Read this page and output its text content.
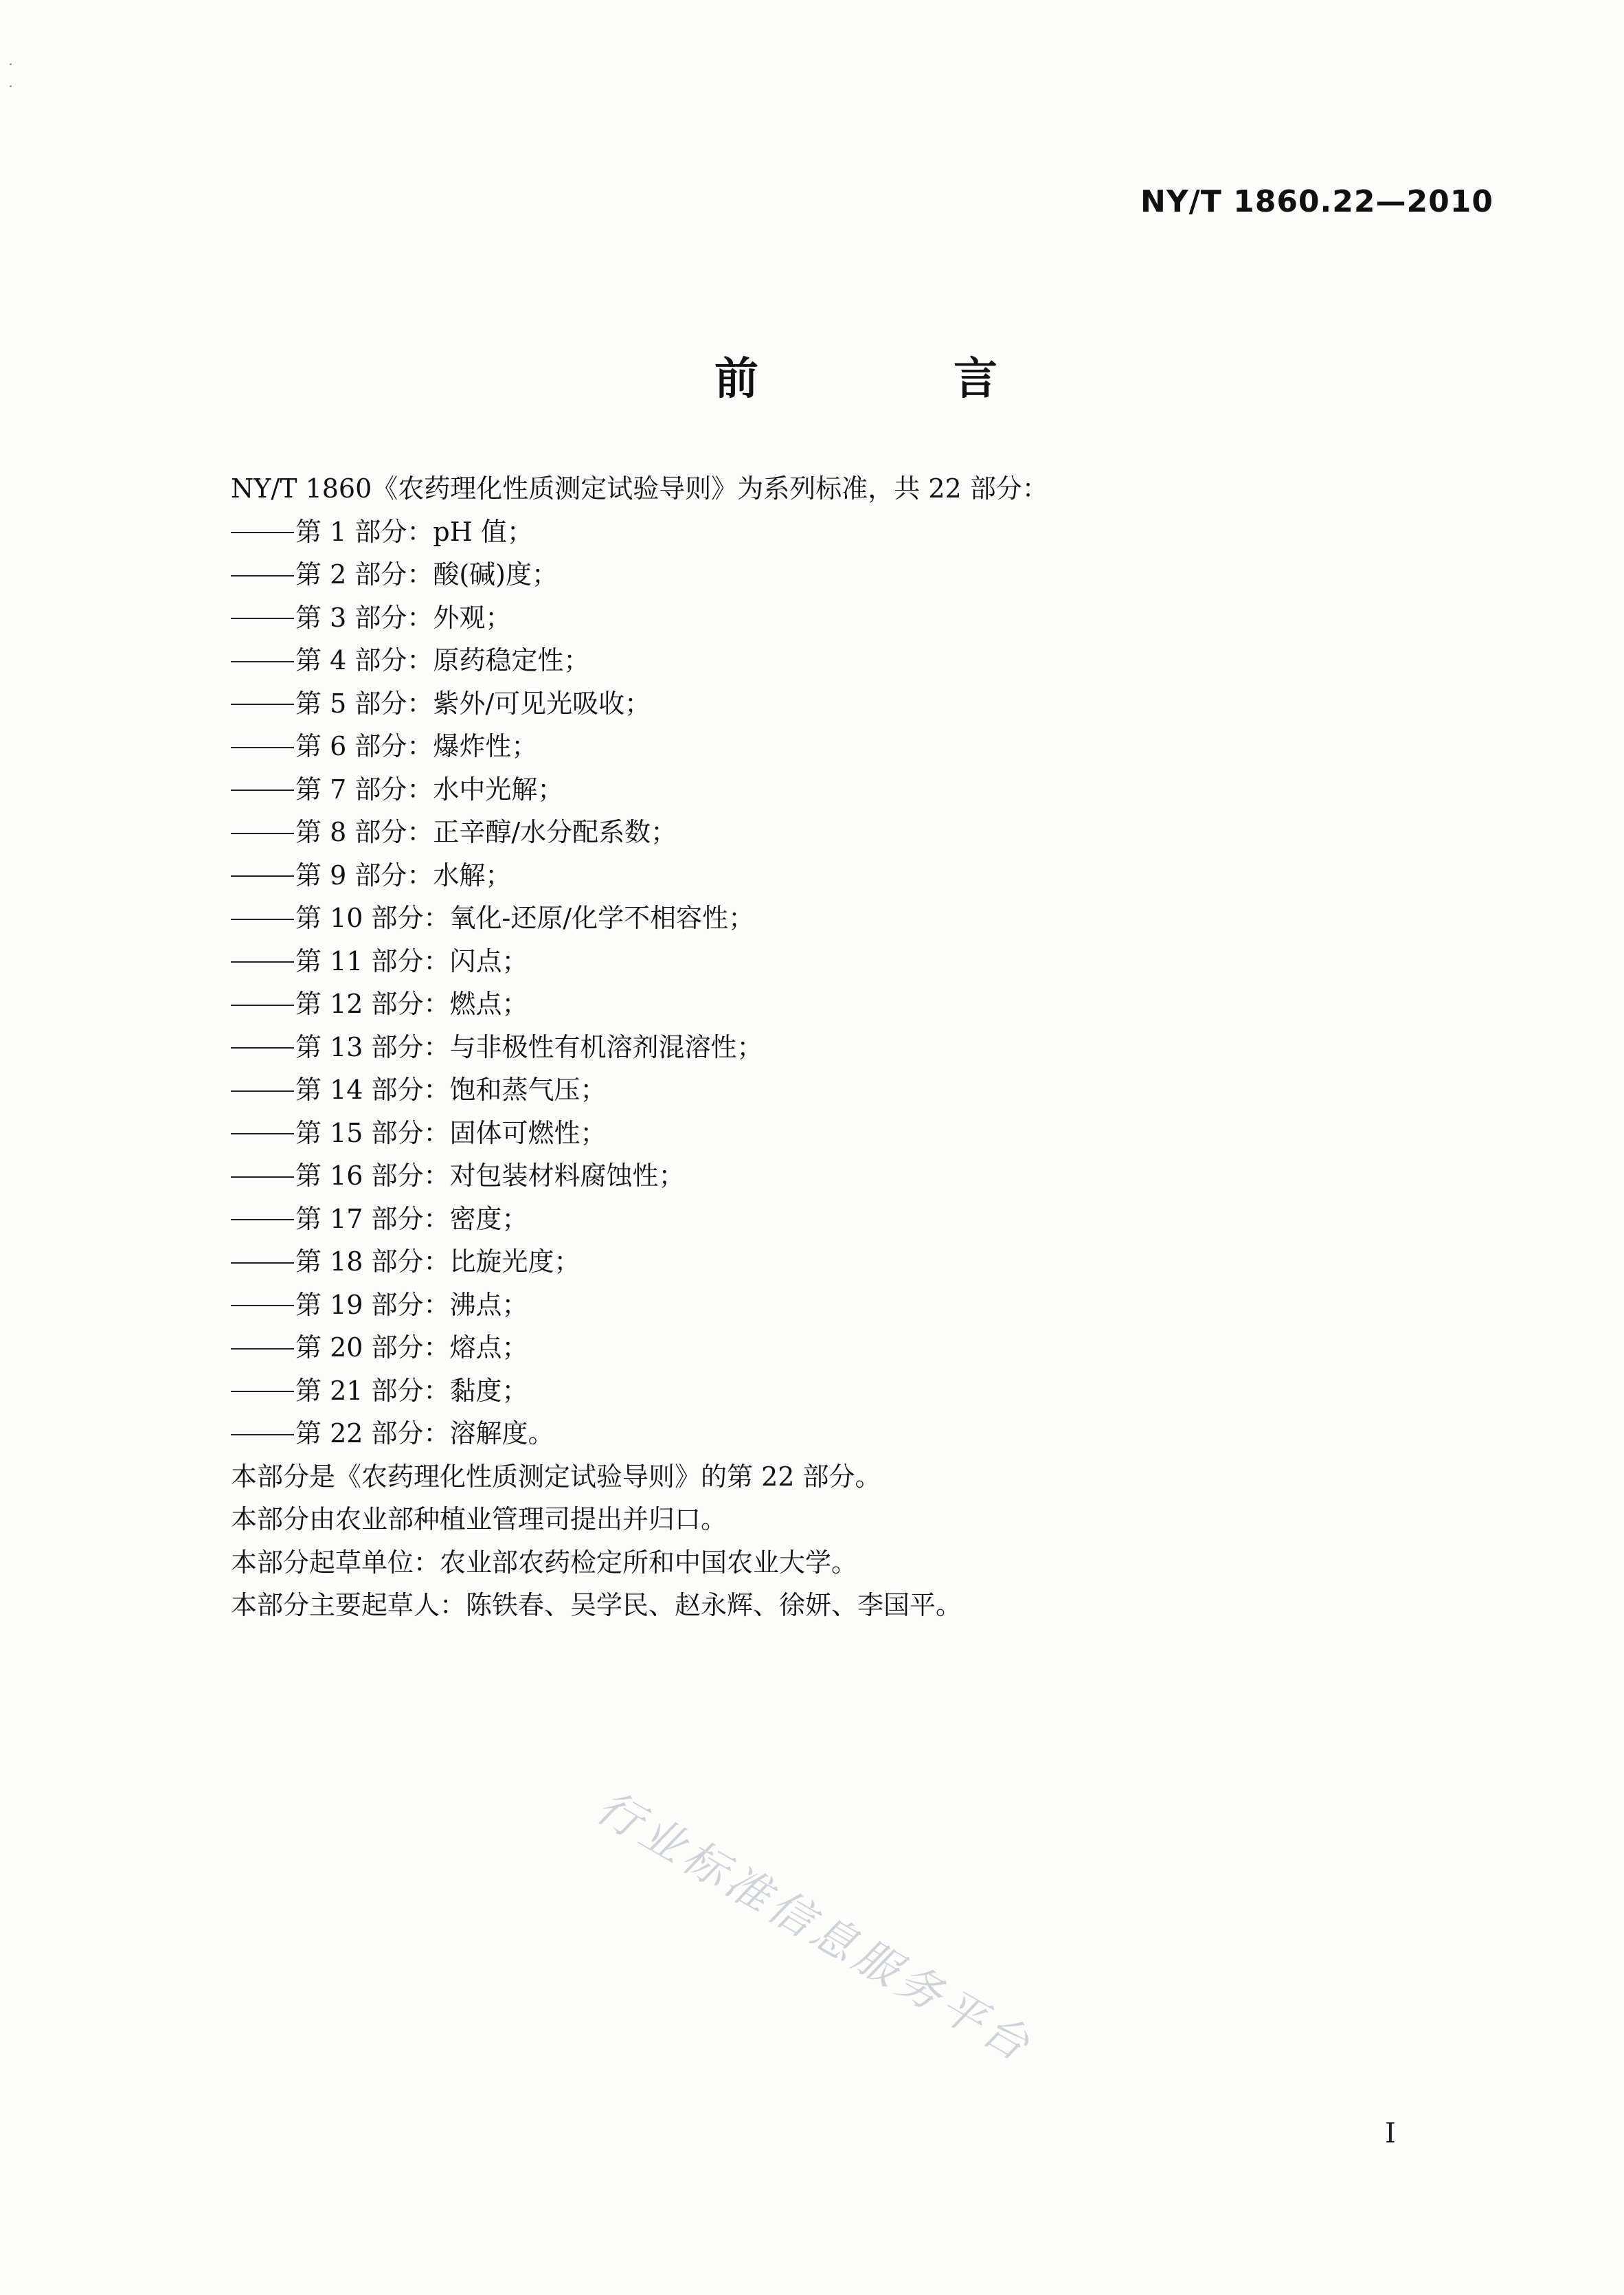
NY/T 1860.22—2010
前　言
NY/T 1860《农药理化性质测定试验导则》为系列标准，共 22 部分：
第 1 部分：pH 值；
第 2 部分：酸(碱)度；
第 3 部分：外观；
第 4 部分：原药稳定性；
第 5 部分：紫外/可见光吸收；
第 6 部分：爆炸性；
第 7 部分：水中光解；
第 8 部分：正辛醇/水分配系数；
第 9 部分：水解；
第 10 部分：氧化-还原/化学不相容性；
第 11 部分：闪点；
第 12 部分：燃点；
第 13 部分：与非极性有机溶剂混溶性；
第 14 部分：饱和蒸气压；
第 15 部分：固体可燃性；
第 16 部分：对包装材料腐蚀性；
第 17 部分：密度；
第 18 部分：比旋光度；
第 19 部分：沸点；
第 20 部分：熔点；
第 21 部分：黏度；
第 22 部分：溶解度。
本部分是《农药理化性质测定试验导则》的第 22 部分。
本部分由农业部种植业管理司提出并归口。
本部分起草单位：农业部农药检定所和中国农业大学。
本部分主要起草人：陈铁春、吴学民、赵永辉、徐妍、李国平。
行业标准信息服务平台
I
